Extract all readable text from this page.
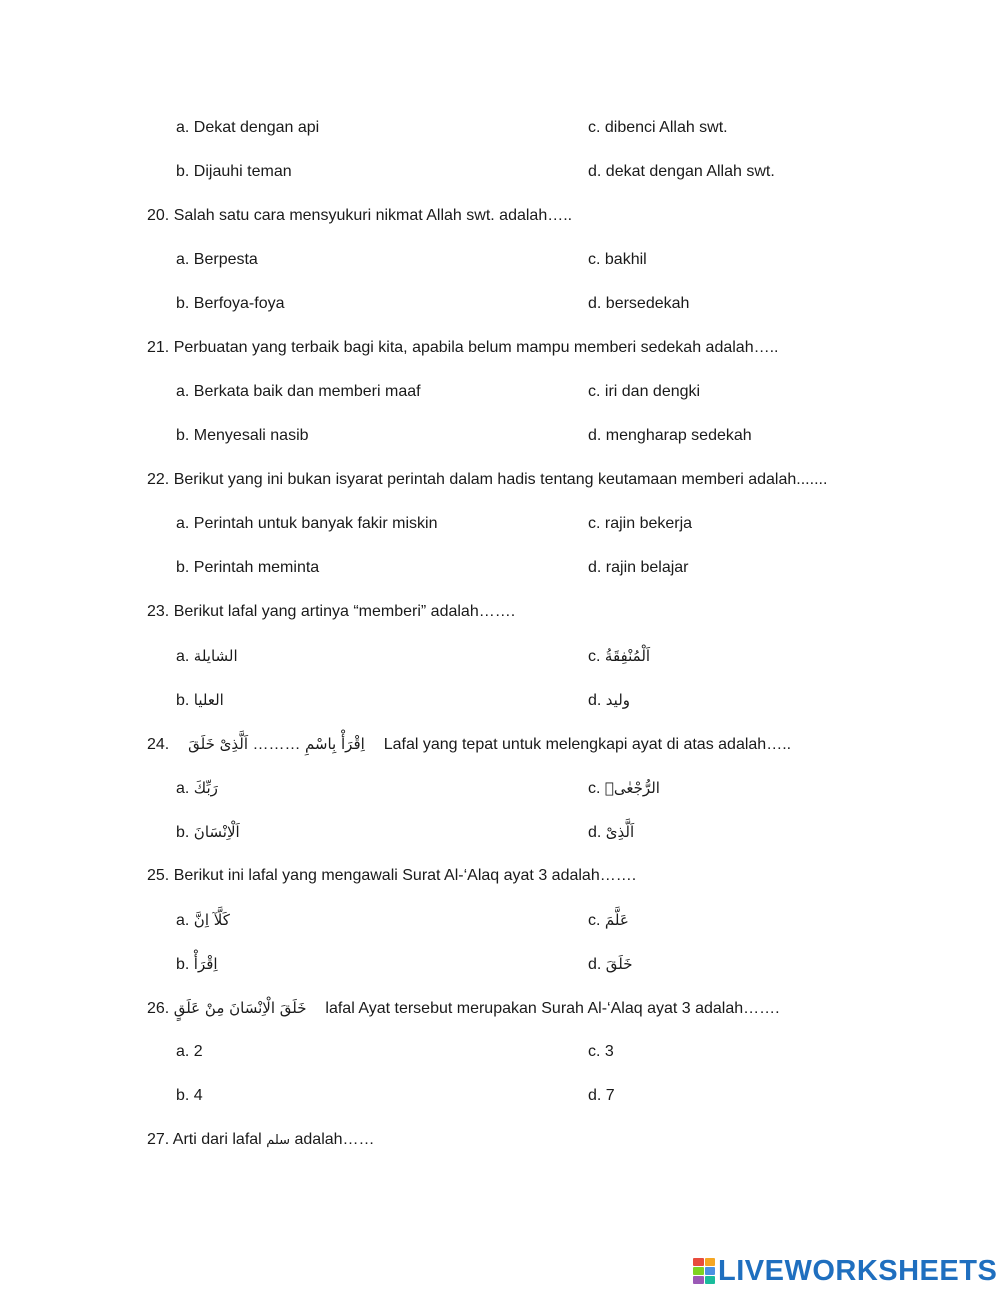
a. Dekat dengan api	c. dibenci Allah swt.
b. Dijauhi teman	d. dekat dengan Allah swt.
20. Salah satu cara mensyukuri nikmat Allah swt. adalah…..
a. Berpesta	c. bakhil
b. Berfoya-foya	d. bersedekah
21. Perbuatan yang terbaik bagi kita, apabila belum mampu memberi sedekah adalah…..
a. Berkata baik dan memberi maaf	c. iri dan dengki
b. Menyesali nasib	d. mengharap sedekah
22. Berikut yang ini bukan isyarat perintah dalam hadis tentang keutamaan memberi adalah.......
a. Perintah untuk banyak fakir miskin	c. rajin bekerja
b. Perintah meminta	d. rajin belajar
23. Berikut lafal yang artinya “memberi” adalah…….
a. الشايلة	c. اَلْمُنْفِقَةُ
b. العليا	d. وليد
24. اَلَّذِىْ خَلَقَ ……… اِقْرَأْ بِاسْمِ Lafal yang tepat untuk melengkapi ayat di atas adalah…..
a. رَبِّكَ	c. الرُّجْعٰىۗ
b. اَلْاِنْسَانَ	d. اَلَّذِىْ
25. Berikut ini lafal yang mengawali Surat Al-‘Alaq ayat 3 adalah…….
a. كَلَّآ اِنَّ	c. عَلَّمَ
b. اِقْرَأْ	d. خَلَقَ
26. خَلَقَ الْاِنْسَانَ مِنْ عَلَقٍ lafal Ayat tersebut merupakan Surah Al-‘Alaq ayat 3 adalah…….
a. 2	c. 3
b. 4	d. 7
27. Arti dari lafal سلم adalah……
LIVEWORKSHEETS
